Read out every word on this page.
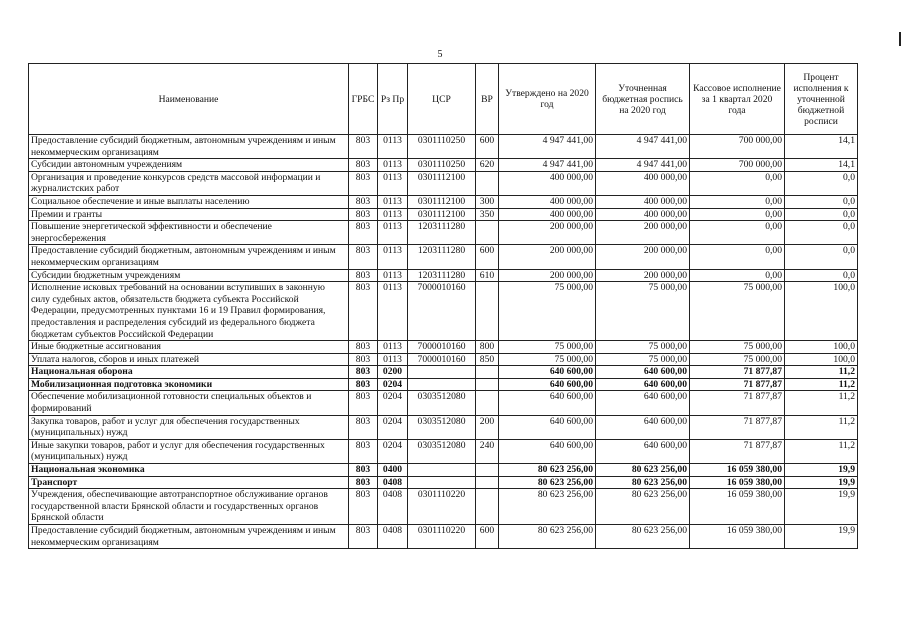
5
Наименование	ГРБС	Рз Пр	ЦСР	ВР	Утверждено на 2020 год	Уточненная бюджетная роспись на 2020 год	Кассовое исполнение за 1 квартал 2020 года	Процент исполнения к уточненной бюджетной росписи
Предоставление субсидий бюджетным, автономным учреждениям и иным некоммерческим организациям	803	0113	0301110250	600	4 947 441,00	4 947 441,00	700 000,00	14,1
Субсидии автономным учреждениям	803	0113	0301110250	620	4 947 441,00	4 947 441,00	700 000,00	14,1
Организация и проведение конкурсов средств массовой информации и журналистских работ	803	0113	0301112100		400 000,00	400 000,00	0,00	0,0
Социальное обеспечение и иные выплаты населению	803	0113	0301112100	300	400 000,00	400 000,00	0,00	0,0
Премии и гранты	803	0113	0301112100	350	400 000,00	400 000,00	0,00	0,0
Повышение энергетической эффективности и обеспечение энергосбережения	803	0113	1203111280		200 000,00	200 000,00	0,00	0,0
Предоставление субсидий бюджетным, автономным учреждениям и иным некоммерческим организациям	803	0113	1203111280	600	200 000,00	200 000,00	0,00	0,0
Субсидии бюджетным учреждениям	803	0113	1203111280	610	200 000,00	200 000,00	0,00	0,0
Исполнение исковых требований на основании вступивших в законную силу судебных актов, обязательств бюджета субъекта Российской Федерации, предусмотренных пунктами 16 и 19 Правил формирования, предоставления и распределения субсидий из федерального бюджета бюджетам субъектов Российской Федерации	803	0113	7000010160		75 000,00	75 000,00	75 000,00	100,0
Иные бюджетные ассигнования	803	0113	7000010160	800	75 000,00	75 000,00	75 000,00	100,0
Уплата налогов, сборов и иных платежей	803	0113	7000010160	850	75 000,00	75 000,00	75 000,00	100,0
Национальная оборона	803	0200			640 600,00	640 600,00	71 877,87	11,2
Мобилизационная подготовка экономики	803	0204			640 600,00	640 600,00	71 877,87	11,2
Обеспечение мобилизационной готовности специальных объектов и формирований	803	0204	0303512080		640 600,00	640 600,00	71 877,87	11,2
Закупка товаров, работ и услуг для обеспечения государственных (муниципальных) нужд	803	0204	0303512080	200	640 600,00	640 600,00	71 877,87	11,2
Иные закупки товаров, работ и услуг для обеспечения государственных (муниципальных) нужд	803	0204	0303512080	240	640 600,00	640 600,00	71 877,87	11,2
Национальная экономика	803	0400			80 623 256,00	80 623 256,00	16 059 380,00	19,9
Транспорт	803	0408			80 623 256,00	80 623 256,00	16 059 380,00	19,9
Учреждения, обеспечивающие автотранспортное обслуживание органов государственной власти Брянской области и государственных органов Брянской области	803	0408	0301110220		80 623 256,00	80 623 256,00	16 059 380,00	19,9
Предоставление субсидий бюджетным, автономным учреждениям и иным некоммерческим организациям	803	0408	0301110220	600	80 623 256,00	80 623 256,00	16 059 380,00	19,9
